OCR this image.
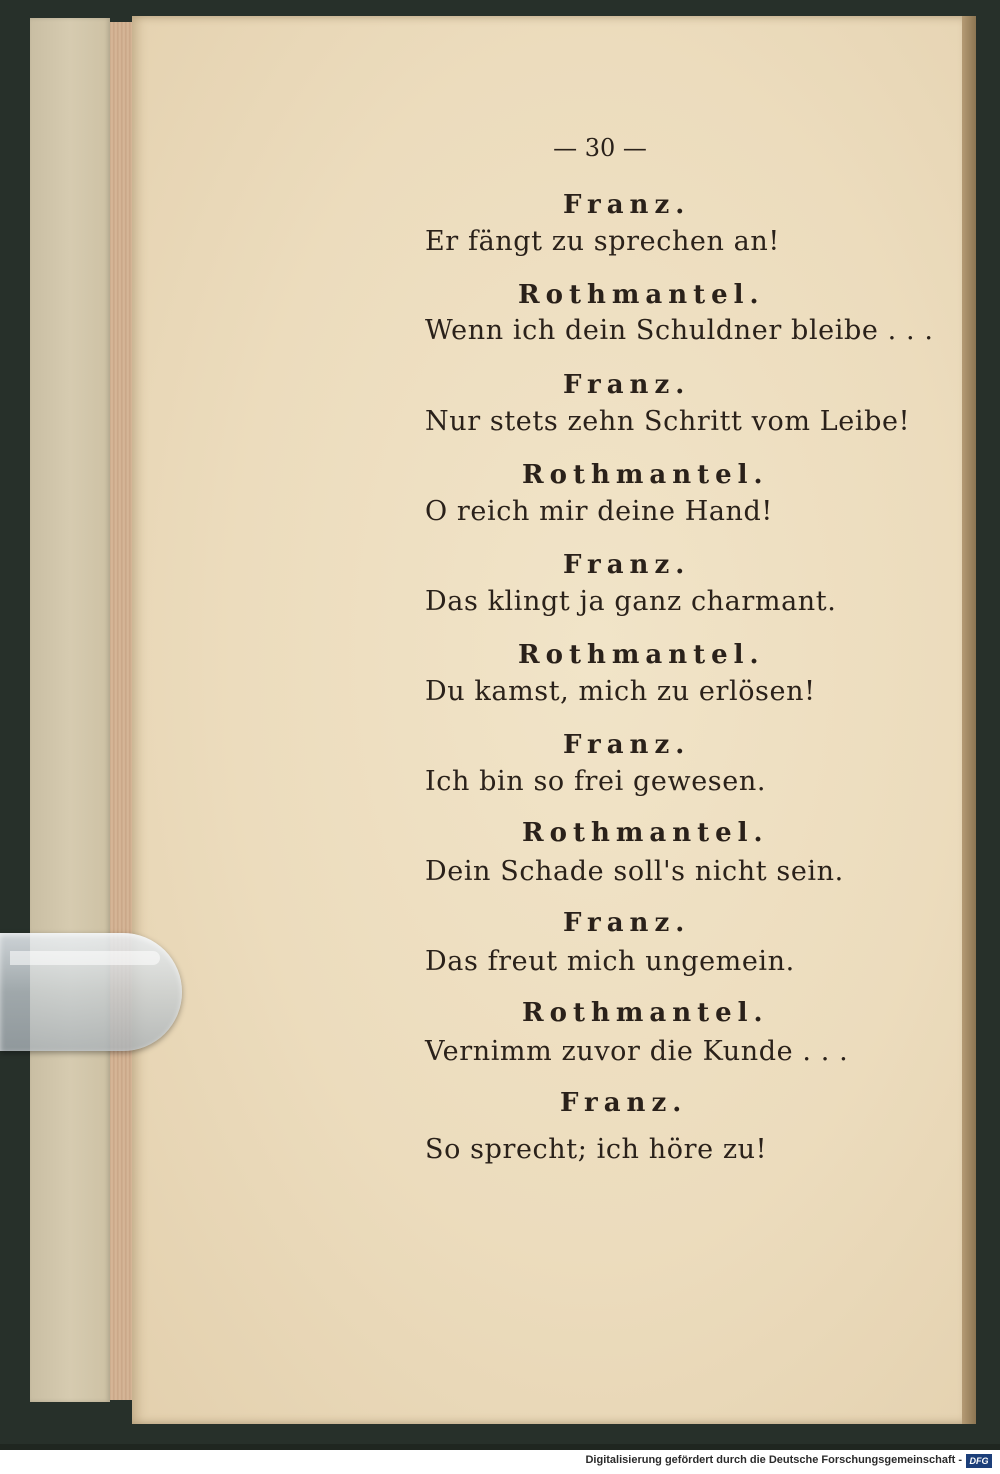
— 30 —
Franz.
Er fängt zu sprechen an!
Rothmantel.
Wenn ich dein Schuldner bleibe . . .
Franz.
Nur stets zehn Schritt vom Leibe!
Rothmantel.
O reich mir deine Hand!
Franz.
Das klingt ja ganz charmant.
Rothmantel.
Du kamst, mich zu erlösen!
Franz.
Ich bin so frei gewesen.
Rothmantel.
Dein Schade soll's nicht sein.
Franz.
Das freut mich ungemein.
Rothmantel.
Vernimm zuvor die Kunde . . .
Franz.
So sprecht; ich höre zu!
Digitalisierung gefördert durch die Deutsche Forschungsgemeinschaft - DFG
